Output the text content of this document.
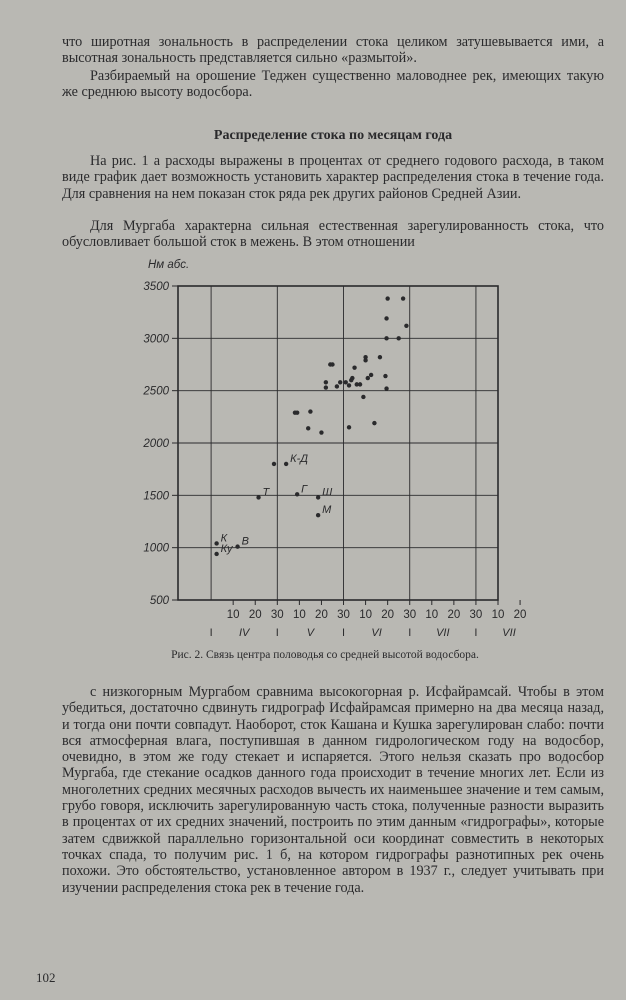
что широтная зональность в распределении стока целиком затушевывается ими, а высотная зональность представляется сильно «размытой».

Разбираемый на орошение Теджен существенно маловоднее рек, имеющих такую же среднюю высоту водосбора.

Распределение стока по месяцам года

На рис. 1 а расходы выражены в процентах от среднего годового расхода, в таком виде график дает возможность установить характер распределения стока в течение года. Для сравнения на нем показан сток ряда рек других районов Средней Азии.

Для Мургаба характерна сильная естественная зарегулированность стока, что обусловливает большой сток в межень. В этом отношении

500
1000
1500
2000
2500
3000
3500
Нм абс.
10 20 30 10 20 30 10 20 30 10 20 30 10 20
I	I	I	I	I
IV	V	VI	VII	VII
К
Ку
В
Т
К-Д
Г Ш
М

Рис. 2. Связь центра половодья со средней высотой водосбора.

с низкогорным Мургабом сравнима высокогорная р. Исфайрамсай. Чтобы в этом убедиться, достаточно сдвинуть гидрограф Исфайрамсая примерно на два месяца назад, и тогда они почти совпадут. Наоборот, сток Кашана и Кушка зарегулирован слабо: почти вся атмосферная влага, поступившая в данном гидрологическом году на водосбор, очевидно, в этом же году стекает и испаряется. Этого нельзя сказать про водосбор Мургаба, где стекание осадков данного года происходит в течение многих лет. Если из многолетних средних месячных расходов вычесть их наименьшее значение и тем самым, грубо говоря, исключить зарегулированную часть стока, полученные разности выразить в процентах от их средних значений, построить по этим данным «гидрографы», которые затем сдвижкой параллельно горизонтальной оси координат совместить в некоторых точках спада, то получим рис. 1 б, на котором гидрографы разнотипных рек очень похожи. Это обстоятельство, установленное автором в 1937 г., следует учитывать при изучении распределения стока рек в течение года.

102
